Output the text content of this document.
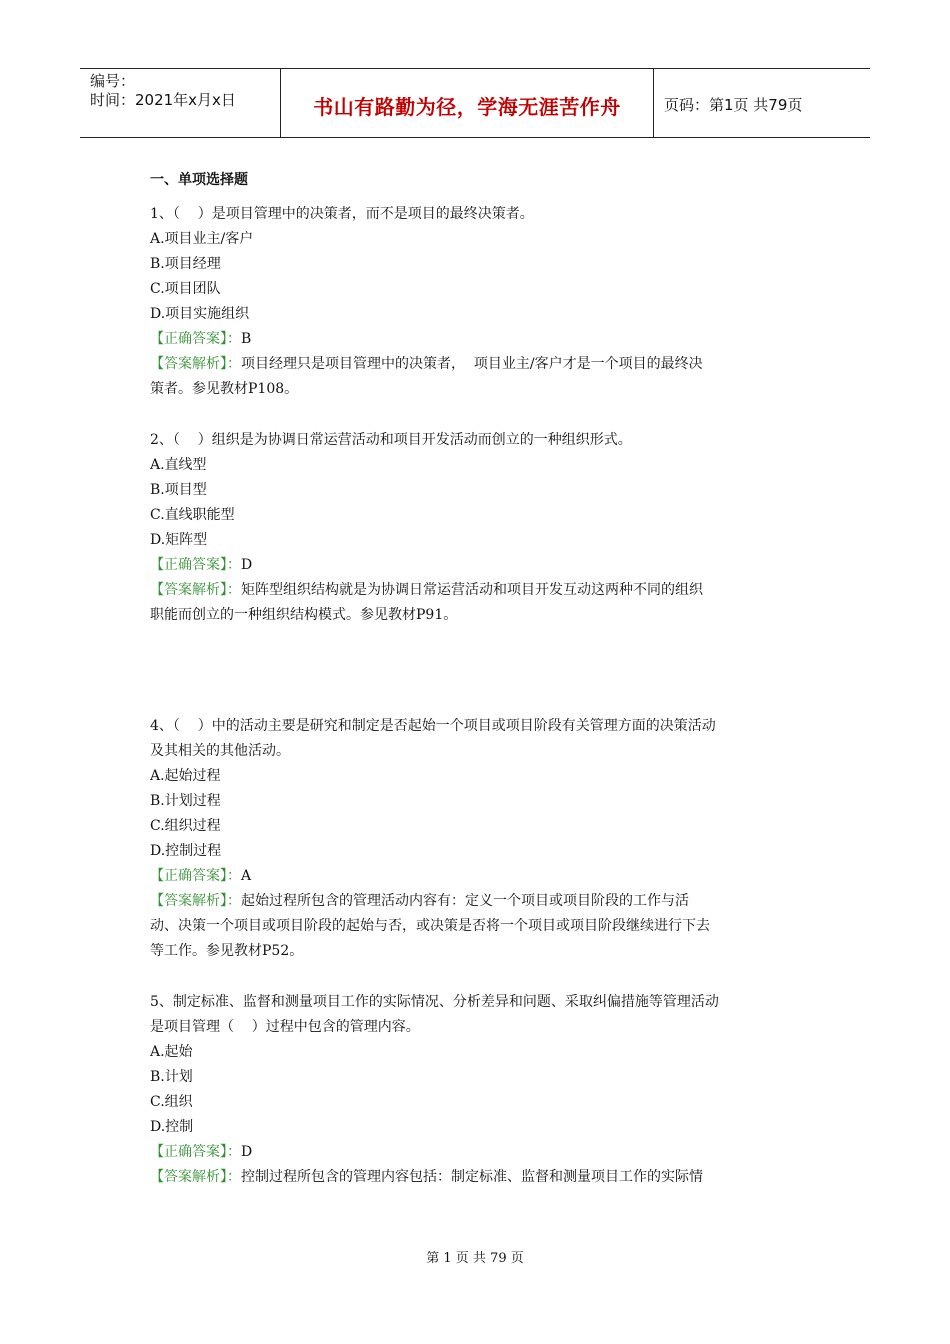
编号：
时间：2021年x月x日	书山有路勤为径，学海无涯苦作舟	页码：第1页 共79页
一、单项选择题
1、（    ）是项目管理中的决策者，而不是项目的最终决策者。
A.项目业主/客户
B.项目经理
C.项目团队
D.项目实施组织
【正确答案】：B
【答案解析】：项目经理只是项目管理中的决策者，  项目业主/客户才是一个项目的最终决
策者。参见教材P108。
2、（    ）组织是为协调日常运营活动和项目开发活动而创立的一种组织形式。
A.直线型
B.项目型
C.直线职能型
D.矩阵型
【正确答案】：D
【答案解析】：矩阵型组织结构就是为协调日常运营活动和项目开发互动这两种不同的组织
职能而创立的一种组织结构模式。参见教材P91。
4、（    ）中的活动主要是研究和制定是否起始一个项目或项目阶段有关管理方面的决策活动
及其相关的其他活动。
A.起始过程
B.计划过程
C.组织过程
D.控制过程
【正确答案】：A
【答案解析】：起始过程所包含的管理活动内容有：定义一个项目或项目阶段的工作与活
动、决策一个项目或项目阶段的起始与否，或决策是否将一个项目或项目阶段继续进行下去
等工作。参见教材P52。
5、制定标准、监督和测量项目工作的实际情况、分析差异和问题、采取纠偏措施等管理活动
是项目管理（    ）过程中包含的管理内容。
A.起始
B.计划
C.组织
D.控制
【正确答案】：D
【答案解析】：控制过程所包含的管理内容包括：制定标准、监督和测量项目工作的实际情
第 1 页 共 79 页
